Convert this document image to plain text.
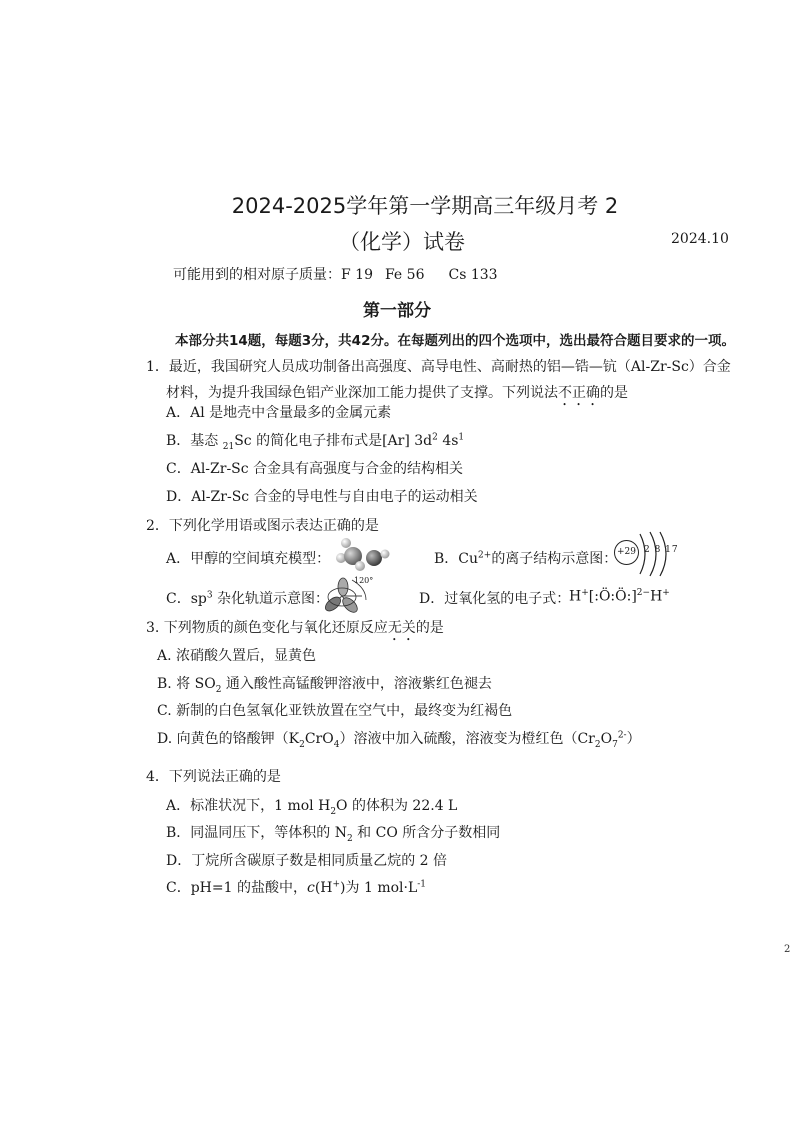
2024-2025学年第一学期高三年级月考 2
（化学）试卷	2024.10
可能用到的相对原子质量：F 19 Fe 56 Cs 133
第一部分
本部分共14题，每题3分，共42分。在每题列出的四个选项中，选出最符合题目要求的一项。
1．最近，我国研究人员成功制备出高强度、高导电性、高耐热的铝—锆—钪（Al-Zr-Sc）合金
材料，为提升我国绿色铝产业深加工能力提供了支撑。下列说法不正确的是
A．Al 是地壳中含量最多的金属元素
B．基态 $_{21}$Sc 的简化电子排布式是[Ar] $3d^2$ $4s^1$
C．Al-Zr-Sc 合金具有高强度与合金的结构相关
D．Al-Zr-Sc 合金的导电性与自由电子的运动相关
2．下列化学用语或图示表达正确的是
A．甲醇的空间填充模型：	B．$Cu^{2+}$的离子结构示意图： +29 2 8 17
C．$sp^3$ 杂化轨道示意图：
120°
D．过氧化氢的电子式：
H+[:Ö:Ö:]$^{2-}$H+
3. 下列物质的颜色变化与氧化还原反应无关的是
A. 浓硝酸久置后，显黄色
B. 将 $SO_2$ 通入酸性高锰酸钾溶液中，溶液紫红色褪去
C. 新制的白色氢氧化亚铁放置在空气中，最终变为红褐色
D. 向黄色的铬酸钾$(K_2CrO_4)$溶液中加入硫酸，溶液变为橙红色$(Cr_2O_7^{2-})$
4．下列说法正确的是
A．标准状况下，1 mol $H_2O$ 的体积为 22.4 L
B．同温同压下，等体积的 $N_2$ 和 CO 所含分子数相同
D．丁烷所含碳原子数是相同质量乙烷的 2 倍
C．pH=1 的盐酸中，c(H+)为 1 $mol\cdot L^{-1}$
2
